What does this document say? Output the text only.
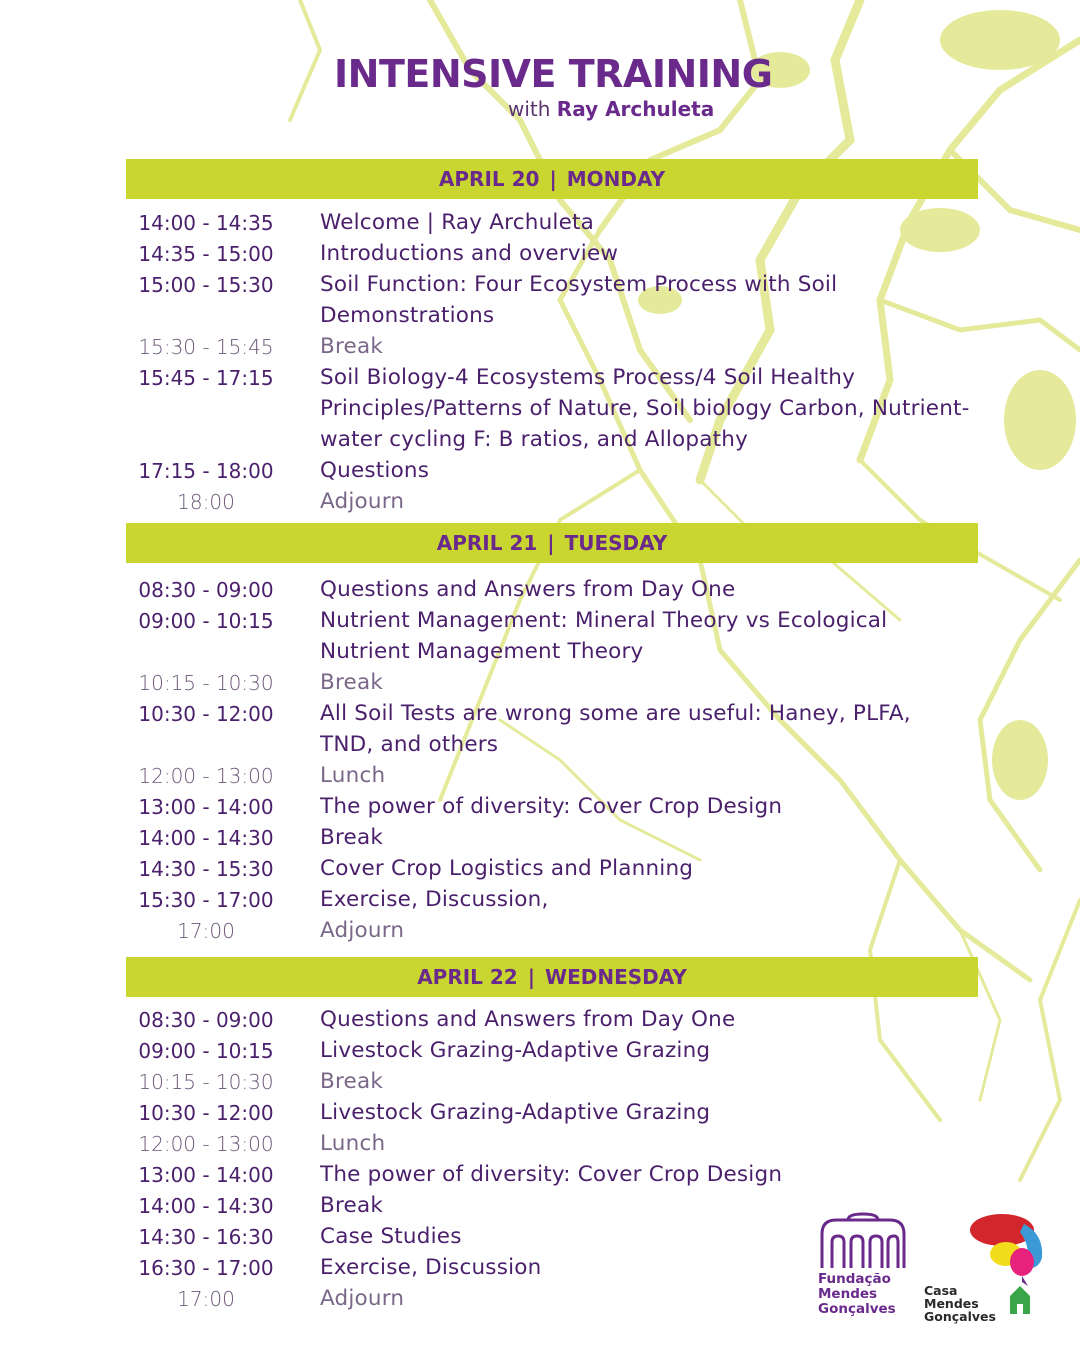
INTENSIVE TRAINING
with Ray Archuleta
APRIL 20 | MONDAY
14:00 - 14:35	Welcome | Ray Archuleta
14:35 - 15:00	Introductions and overview
15:00 - 15:30	Soil Function: Four Ecosystem Process with Soil Demonstrations
15:30 - 15:45	Break
15:45 - 17:15	Soil Biology-4 Ecosystems Process/4 Soil Healthy Principles/Patterns of Nature, Soil biology Carbon, Nutrient-water cycling F: B ratios, and Allopathy
17:15 - 18:00	Questions
18:00	Adjourn
APRIL 21 | TUESDAY
08:30 - 09:00	Questions and Answers from Day One
09:00 - 10:15	Nutrient Management: Mineral Theory vs Ecological Nutrient Management Theory
10:15 - 10:30	Break
10:30 - 12:00	All Soil Tests are wrong some are useful: Haney, PLFA, TND, and others
12:00 - 13:00	Lunch
13:00 - 14:00	The power of diversity: Cover Crop Design
14:00 - 14:30	Break
14:30 - 15:30	Cover Crop Logistics and Planning
15:30 - 17:00	Exercise, Discussion,
17:00	Adjourn
APRIL 22 | WEDNESDAY
08:30 - 09:00	Questions and Answers from Day One
09:00 - 10:15	Livestock Grazing-Adaptive Grazing
10:15 - 10:30	Break
10:30 - 12:00	Livestock Grazing-Adaptive Grazing
12:00 - 13:00	Lunch
13:00 - 14:00	The power of diversity: Cover Crop Design
14:00 - 14:30	Break
14:30 - 16:30	Case Studies
16:30 - 17:00	Exercise, Discussion
17:00	Adjourn
Fundação
Mendes
Gonçalves
Casa
Mendes
Gonçalves
